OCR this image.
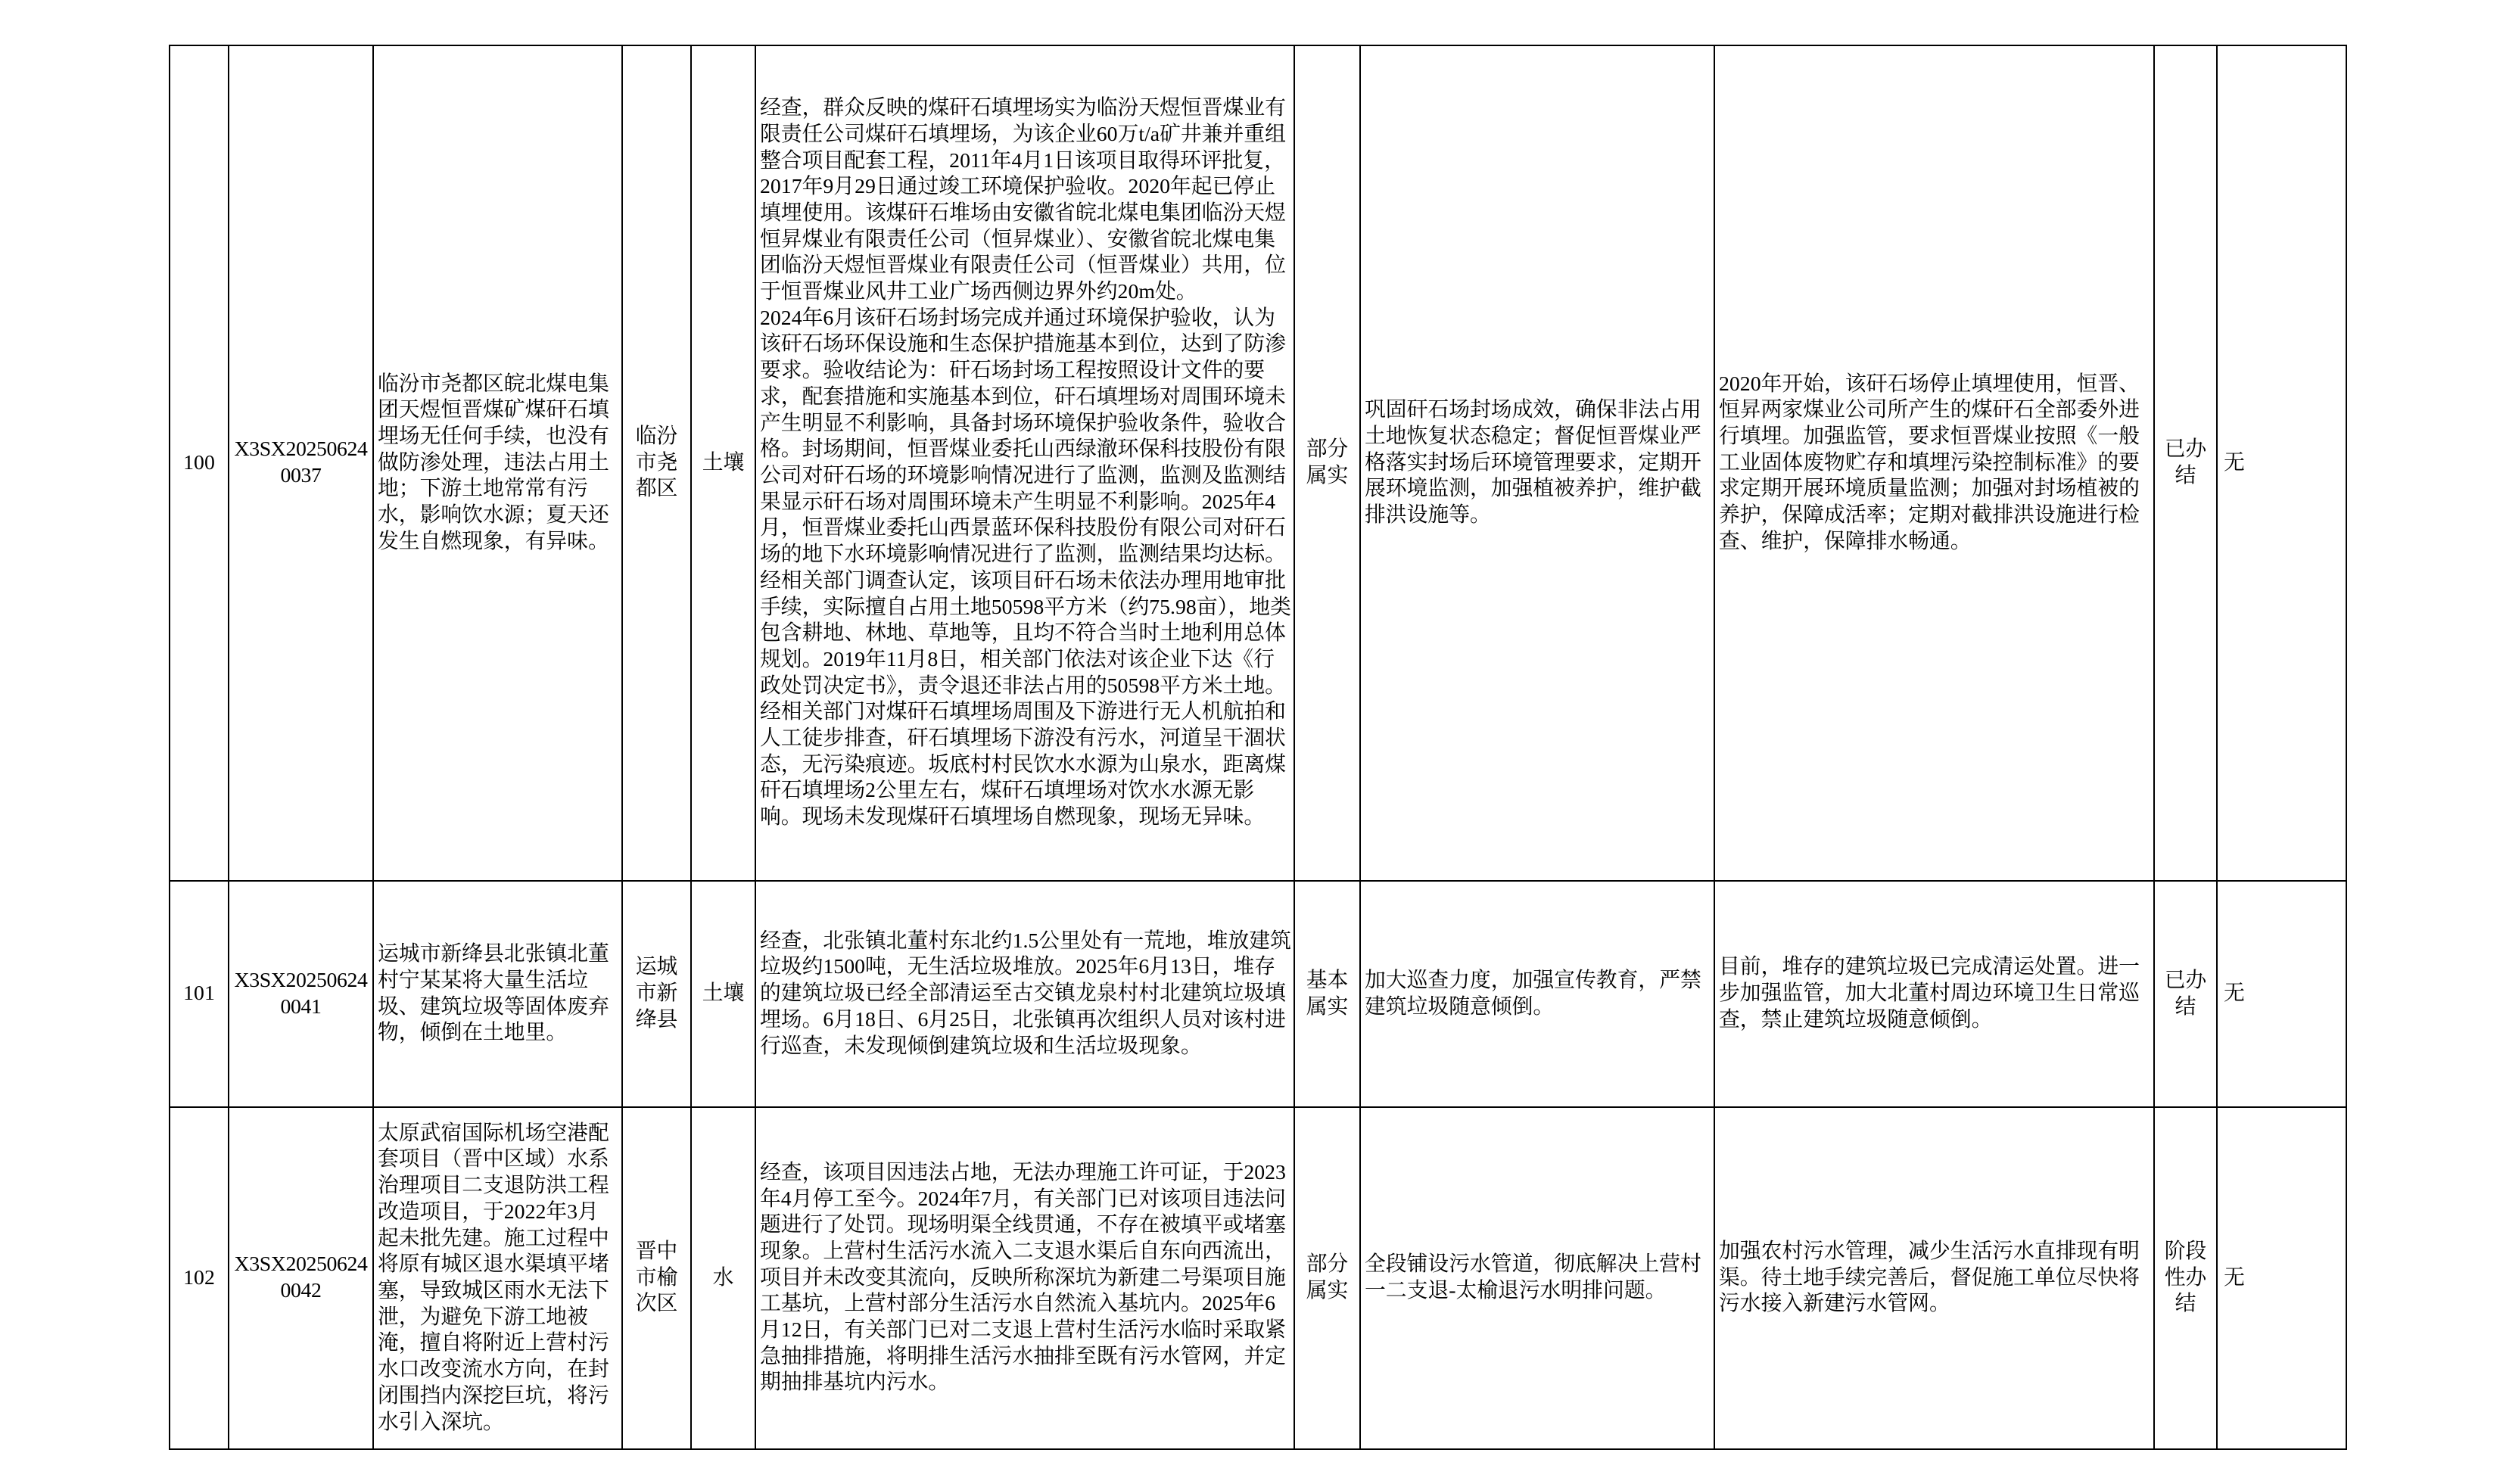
100	X3SX202506240037	临汾市尧都区皖北煤电集团天煜恒晋煤矿煤矸石填埋场无任何手续，也没有做防渗处理，违法占用土地；下游土地常常有污水，影响饮水源；夏天还发生自燃现象，有异味。	临汾市尧都区	土壤	经查，群众反映的煤矸石填埋场实为临汾天煜恒晋煤业有限责任公司煤矸石填埋场，为该企业60万t/a矿井兼并重组整合项目配套工程，2011年4月1日该项目取得环评批复，2017年9月29日通过竣工环境保护验收。2020年起已停止填埋使用。该煤矸石堆场由安徽省皖北煤电集团临汾天煜恒昇煤业有限责任公司（恒昇煤业）、安徽省皖北煤电集团临汾天煜恒晋煤业有限责任公司（恒晋煤业）共用，位于恒晋煤业风井工业广场西侧边界外约20m处。
2024年6月该矸石场封场完成并通过环境保护验收，认为该矸石场环保设施和生态保护措施基本到位，达到了防渗要求。验收结论为：矸石场封场工程按照设计文件的要求，配套措施和实施基本到位，矸石填埋场对周围环境未产生明显不利影响，具备封场环境保护验收条件，验收合格。封场期间，恒晋煤业委托山西绿澈环保科技股份有限公司对矸石场的环境影响情况进行了监测，监测及监测结果显示矸石场对周围环境未产生明显不利影响。2025年4月，恒晋煤业委托山西景蓝环保科技股份有限公司对矸石场的地下水环境影响情况进行了监测，监测结果均达标。
经相关部门调查认定，该项目矸石场未依法办理用地审批手续，实际擅自占用土地50598平方米（约75.98亩），地类包含耕地、林地、草地等，且均不符合当时土地利用总体规划。2019年11月8日，相关部门依法对该企业下达《行政处罚决定书》，责令退还非法占用的50598平方米土地。
经相关部门对煤矸石填埋场周围及下游进行无人机航拍和人工徒步排查，矸石填埋场下游没有污水，河道呈干涸状态，无污染痕迹。坂底村村民饮水水源为山泉水，距离煤矸石填埋场2公里左右，煤矸石填埋场对饮水水源无影响。现场未发现煤矸石填埋场自燃现象，现场无异味。	部分属实	巩固矸石场封场成效，确保非法占用土地恢复状态稳定；督促恒晋煤业严格落实封场后环境管理要求，定期开展环境监测，加强植被养护，维护截排洪设施等。	2020年开始，该矸石场停止填埋使用，恒晋、恒昇两家煤业公司所产生的煤矸石全部委外进行填埋。加强监管，要求恒晋煤业按照《一般工业固体废物贮存和填埋污染控制标准》的要求定期开展环境质量监测；加强对封场植被的养护，保障成活率；定期对截排洪设施进行检查、维护，保障排水畅通。	已办结	无

101	X3SX202506240041	运城市新绛县北张镇北董村宁某某将大量生活垃圾、建筑垃圾等固体废弃物，倾倒在土地里。	运城市新绛县	土壤	经查，北张镇北董村东北约1.5公里处有一荒地，堆放建筑垃圾约1500吨，无生活垃圾堆放。2025年6月13日，堆存的建筑垃圾已经全部清运至古交镇龙泉村村北建筑垃圾填埋场。6月18日、6月25日，北张镇再次组织人员对该村进行巡查，未发现倾倒建筑垃圾和生活垃圾现象。	基本属实	加大巡查力度，加强宣传教育，严禁建筑垃圾随意倾倒。	目前，堆存的建筑垃圾已完成清运处置。进一步加强监管，加大北董村周边环境卫生日常巡查，禁止建筑垃圾随意倾倒。	已办结	无

102	X3SX202506240042	太原武宿国际机场空港配套项目（晋中区域）水系治理项目二支退防洪工程改造项目，于2022年3月起未批先建。施工过程中将原有城区退水渠填平堵塞，导致城区雨水无法下泄，为避免下游工地被淹，擅自将附近上营村污水口改变流水方向，在封闭围挡内深挖巨坑，将污水引入深坑。	晋中市榆次区	水	经查，该项目因违法占地，无法办理施工许可证，于2023年4月停工至今。2024年7月，有关部门已对该项目违法问题进行了处罚。现场明渠全线贯通，不存在被填平或堵塞现象。上营村生活污水流入二支退水渠后自东向西流出，项目并未改变其流向，反映所称深坑为新建二号渠项目施工基坑，上营村部分生活污水自然流入基坑内。2025年6月12日，有关部门已对二支退上营村生活污水临时采取紧急抽排措施，将明排生活污水抽排至既有污水管网，并定期抽排基坑内污水。	部分属实	全段铺设污水管道，彻底解决上营村一二支退-太榆退污水明排问题。	加强农村污水管理，减少生活污水直排现有明渠。待土地手续完善后，督促施工单位尽快将污水接入新建污水管网。	阶段性办结	无
